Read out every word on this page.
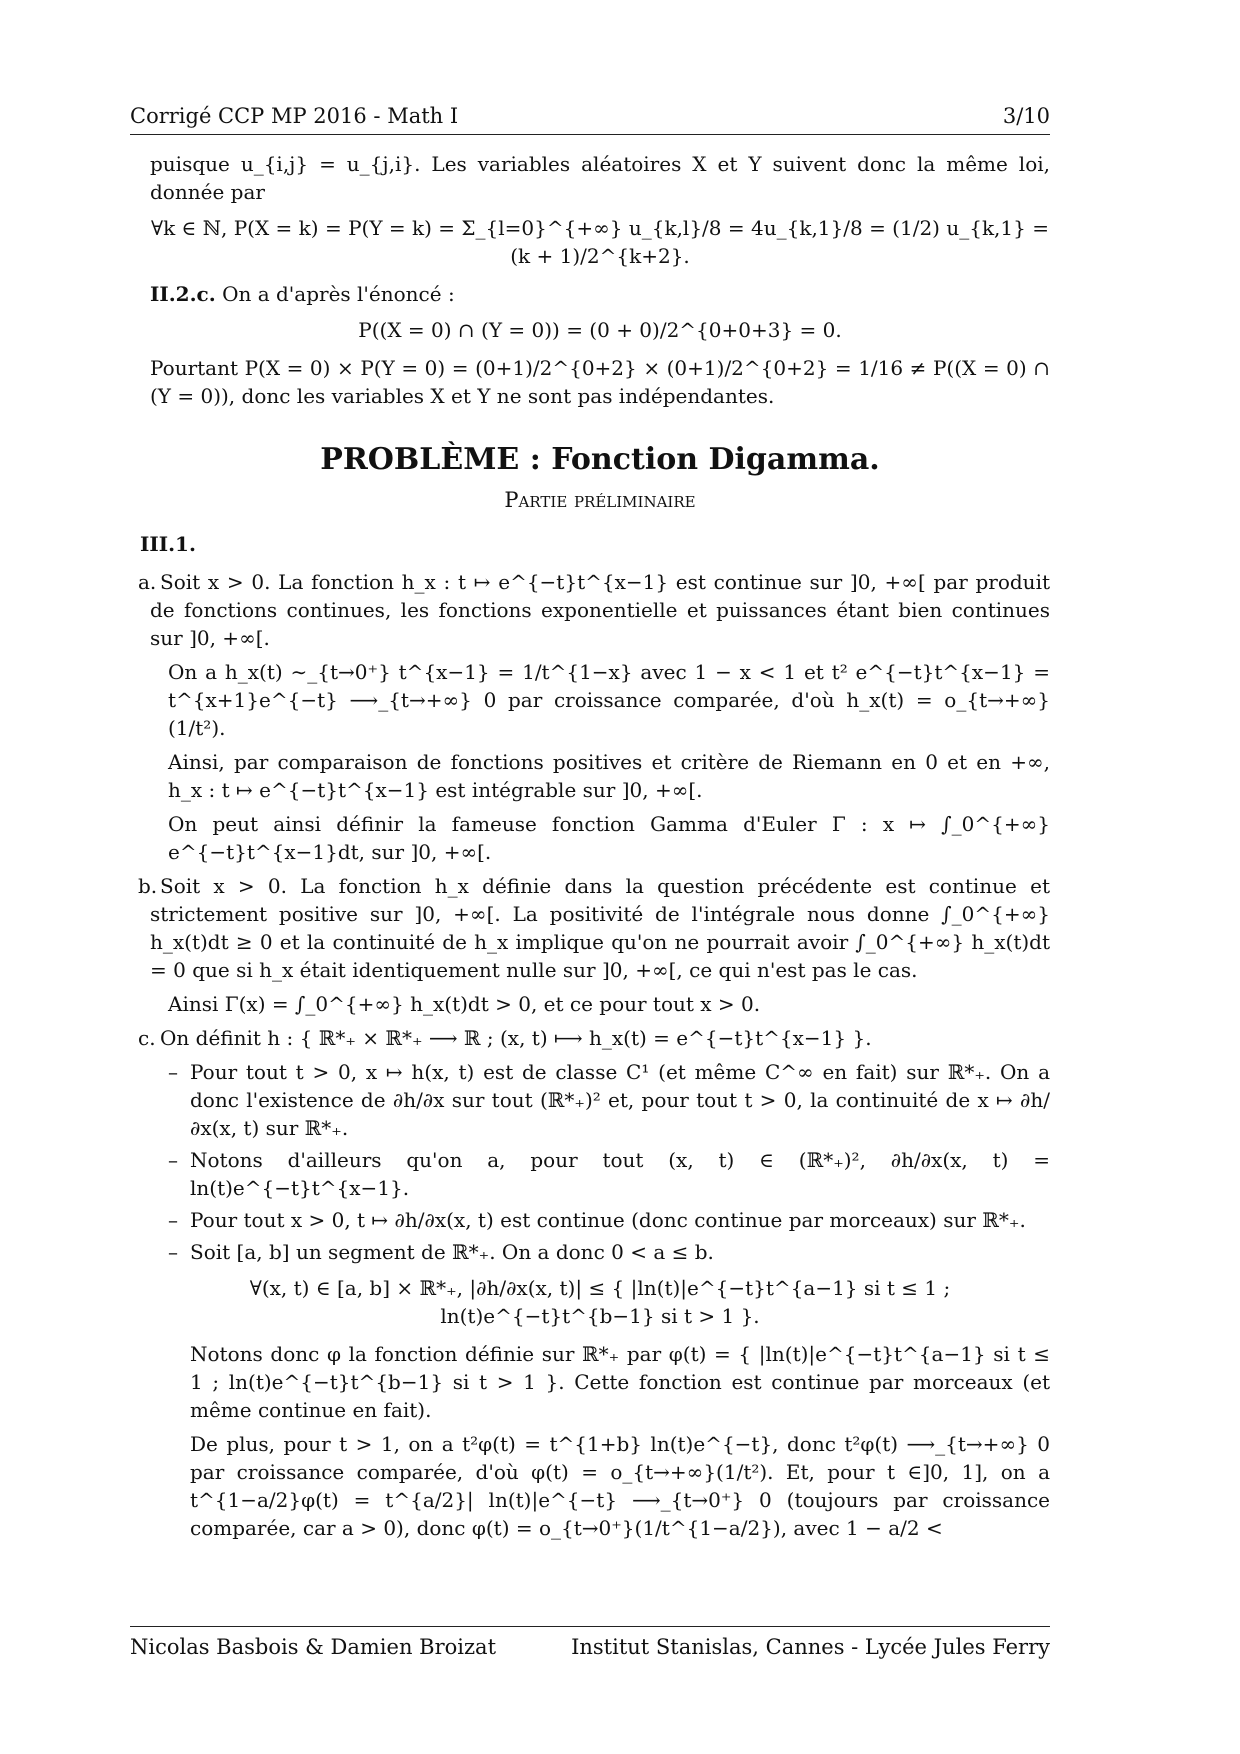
Corrigé CCP MP 2016 - Math I	3/10

puisque u_{i,j} = u_{j,i}. Les variables aléatoires X et Y suivent donc la même loi, donnée par

∀k ∈ ℕ, P(X = k) = P(Y = k) = Σ_{l=0}^{+∞} u_{k,l}/8 = 4u_{k,1}/8 = (1/2) u_{k,1} = (k + 1)/2^{k+2}.

II.2.c. On a d'après l'énoncé :

P((X = 0) ∩ (Y = 0)) = (0 + 0)/2^{0+0+3} = 0.

Pourtant P(X = 0) × P(Y = 0) = (0+1)/2^{0+2} × (0+1)/2^{0+2} = 1/16 ≠ P((X = 0) ∩ (Y = 0)), donc les variables X et Y ne sont pas indépendantes.

PROBLÈME : Fonction Digamma.
Partie préliminaire
III.1.

a. Soit x > 0. La fonction h_x : t ↦ e^{−t}t^{x−1} est continue sur ]0, +∞[ par produit de fonctions continues, les fonctions exponentielle et puissances étant bien continues sur ]0, +∞[.

On a h_x(t) ∼_{t→0⁺} t^{x−1} = 1/t^{1−x} avec 1 − x < 1 et t² e^{−t}t^{x−1} = t^{x+1}e^{−t} ⟶_{t→+∞} 0 par croissance comparée, d'où h_x(t) = o_{t→+∞}(1/t²).

Ainsi, par comparaison de fonctions positives et critère de Riemann en 0 et en +∞, h_x : t ↦ e^{−t}t^{x−1} est intégrable sur ]0, +∞[.

On peut ainsi définir la fameuse fonction Gamma d'Euler Γ : x ↦ ∫_0^{+∞} e^{−t}t^{x−1}dt, sur ]0, +∞[.

b. Soit x > 0. La fonction h_x définie dans la question précédente est continue et strictement positive sur ]0, +∞[. La positivité de l'intégrale nous donne ∫_0^{+∞} h_x(t)dt ≥ 0 et la continuité de h_x implique qu'on ne pourrait avoir ∫_0^{+∞} h_x(t)dt = 0 que si h_x était identiquement nulle sur ]0, +∞[, ce qui n'est pas le cas.

Ainsi Γ(x) = ∫_0^{+∞} h_x(t)dt > 0, et ce pour tout x > 0.

c. On définit h : { ℝ*₊ × ℝ*₊ ⟶ ℝ ; (x, t) ⟼ h_x(t) = e^{−t}t^{x−1} }.

– Pour tout t > 0, x ↦ h(x, t) est de classe C¹ (et même C^∞ en fait) sur ℝ*₊. On a donc l'existence de ∂h/∂x sur tout (ℝ*₊)² et, pour tout t > 0, la continuité de x ↦ ∂h/∂x(x, t) sur ℝ*₊.

– Notons d'ailleurs qu'on a, pour tout (x, t) ∈ (ℝ*₊)², ∂h/∂x(x, t) = ln(t)e^{−t}t^{x−1}.

– Pour tout x > 0, t ↦ ∂h/∂x(x, t) est continue (donc continue par morceaux) sur ℝ*₊.

– Soit [a, b] un segment de ℝ*₊. On a donc 0 < a ≤ b.

∀(x, t) ∈ [a, b] × ℝ*₊, |∂h/∂x(x, t)| ≤ { |ln(t)|e^{−t}t^{a−1} si t ≤ 1 ; ln(t)e^{−t}t^{b−1} si t > 1 }.

Notons donc φ la fonction définie sur ℝ*₊ par φ(t) = { |ln(t)|e^{−t}t^{a−1} si t ≤ 1 ; ln(t)e^{−t}t^{b−1} si t > 1 }. Cette fonction est continue par morceaux (et même continue en fait).

De plus, pour t > 1, on a t²φ(t) = t^{1+b} ln(t)e^{−t}, donc t²φ(t) ⟶_{t→+∞} 0 par croissance comparée, d'où φ(t) = o_{t→+∞}(1/t²). Et, pour t ∈]0, 1], on a t^{1−a/2}φ(t) = t^{a/2}| ln(t)|e^{−t} ⟶_{t→0⁺} 0 (toujours par croissance comparée, car a > 0), donc φ(t) = o_{t→0⁺}(1/t^{1−a/2}), avec 1 − a/2 <

Nicolas Basbois & Damien Broizat	Institut Stanislas, Cannes - Lycée Jules Ferry
